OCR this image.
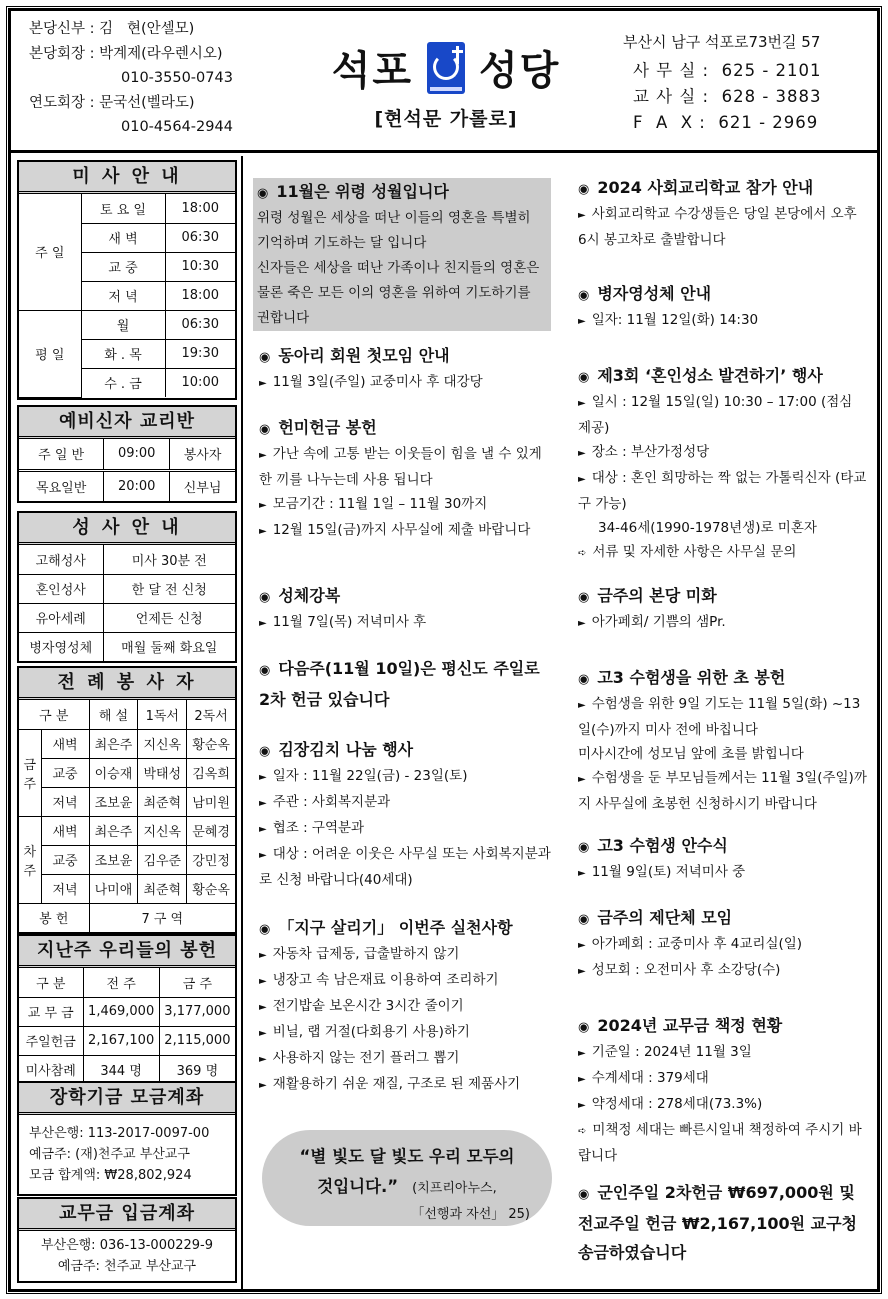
본당신부 : 김   현(안셀모)
본당회장 : 박계제(라우렌시오)
010-3550-0743
연도회장 : 문국선(벨라도)
010-4564-2944
석포 성당
[현석문 가롤로]
부산시 남구 석포로73번길 57
사 무 실 : 625 - 2101
교 사 실 : 628 - 3883
F  A  X : 621 - 2969
미 사 안 내
주 일	토 요 일	18:00
	새 벽	06:30
	교 중	10:30
	저 녁	18:00
평 일	월	06:30
	화 . 목	19:30
	수 . 금	10:00
예비신자 교리반
주 일 반	09:00	봉사자
목요일반	20:00	신부님
성 사 안 내
고해성사	미사 30분 전
혼인성사	한 달 전 신청
유아세례	언제든 신청
병자영성체	매월 둘째 화요일
전 례 봉 사 자
구 분		해 설	1독서	2독서
금주	새벽	최은주	지신옥	황순옥
	교중	이승재	박태성	김옥희
	저녁	조보윤	최준혁	남미원
차주	새벽	최은주	지신옥	문혜경
	교중	조보윤	김우준	강민정
	저녁	나미애	최준혁	황순옥
봉 헌		7 구 역		
지난주 우리들의 봉헌
구 분	전 주	금 주
교 무 금	1,469,000	3,177,000
주일헌금	2,167,100	2,115,000
미사참례	344 명	369 명
장학기금 모금계좌
부산은행: 113-2017-0097-00
예금주: (재)천주교 부산교구
모금 합계액: ₩28,802,924
교무금 입금계좌
부산은행: 036-13-000229-9
예금주: 천주교 부산교구
◉ 11월은 위령 성월입니다
위령 성월은 세상을 떠난 이들의 영혼을 특별히 기억하며 기도하는 달 입니다
신자들은 세상을 떠난 가족이나 친지들의 영혼은 물론 죽은 모든 이의 영혼을 위하여 기도하기를 권합니다
◉ 동아리 회원 첫모임 안내
► 11월 3일(주일) 교중미사 후 대강당
◉ 헌미헌금 봉헌
► 가난 속에 고통 받는 이웃들이 힘을 낼 수 있게 한 끼를 나누는데 사용 됩니다
► 모금기간 : 11월 1일 – 11월 30까지
► 12월 15일(금)까지 사무실에 제출 바랍니다
◉ 성체강복
► 11월 7일(목) 저녁미사 후
◉ 다음주(11월 10일)은 평신도 주일로 2차 헌금 있습니다
◉ 김장김치 나눔 행사
► 일자 : 11월 22일(금) - 23일(토)
► 주관 : 사회복지분과
► 협조 : 구역분과
► 대상 : 어려운 이웃은 사무실 또는 사회복지분과로 신청 바랍니다(40세대)
◉ 「지구 살리기」 이번주 실천사항
► 자동차 급제동, 급출발하지 않기
► 냉장고 속 남은재료 이용하여 조리하기
► 전기밥솥 보온시간 3시간 줄이기
► 비닐, 랩 거절(다회용기 사용)하기
► 사용하지 않는 전기 플러그 뽑기
► 재활용하기 쉬운 재질, 구조로 된 제품사기
“별 빛도 달 빛도 우리 모두의
것입니다.” (치프리아누스,
「선행과 자선」 25)
◉ 2024 사회교리학교 참가 안내
► 사회교리학교 수강생들은 당일 본당에서 오후 6시 봉고차로 출발합니다
◉ 병자영성체 안내
► 일자: 11월 12일(화) 14:30
◉ 제3회 ‘혼인성소 발견하기’ 행사
► 일시 : 12월 15일(일) 10:30 – 17:00 (점심 제공)
► 장소 : 부산가정성당
► 대상 : 혼인 희망하는 짝 없는 가톨릭신자 (타교구 가능)
34-46세(1990-1978년생)로 미혼자
➪ 서류 및 자세한 사항은 사무실 문의
◉ 금주의 본당 미화
► 아가페회/ 기쁨의 샘Pr.
◉ 고3 수험생을 위한 초 봉헌
► 수험생을 위한 9일 기도는 11월 5일(화) ~13일(수)까지 미사 전에 바칩니다
미사시간에 성모님 앞에 초를 밝힙니다
► 수험생을 둔 부모님들께서는 11월 3일(주일)까지 사무실에 초봉헌 신청하시기 바랍니다
◉ 고3 수험생 안수식
► 11월 9일(토) 저녁미사 중
◉ 금주의 제단체 모임
► 아가페회 : 교중미사 후 4교리실(일)
► 성모회 : 오전미사 후 소강당(수)
◉ 2024년 교무금 책정 현황
► 기준일 : 2024년 11월 3일
► 수계세대 : 379세대
► 약정세대 : 278세대(73.3%)
➪ 미책정 세대는 빠른시일내 책정하여 주시기 바랍니다
◉ 군인주일 2차헌금 ₩697,000원 및 전교주일 헌금 ₩2,167,100원 교구청 송금하였습니다
